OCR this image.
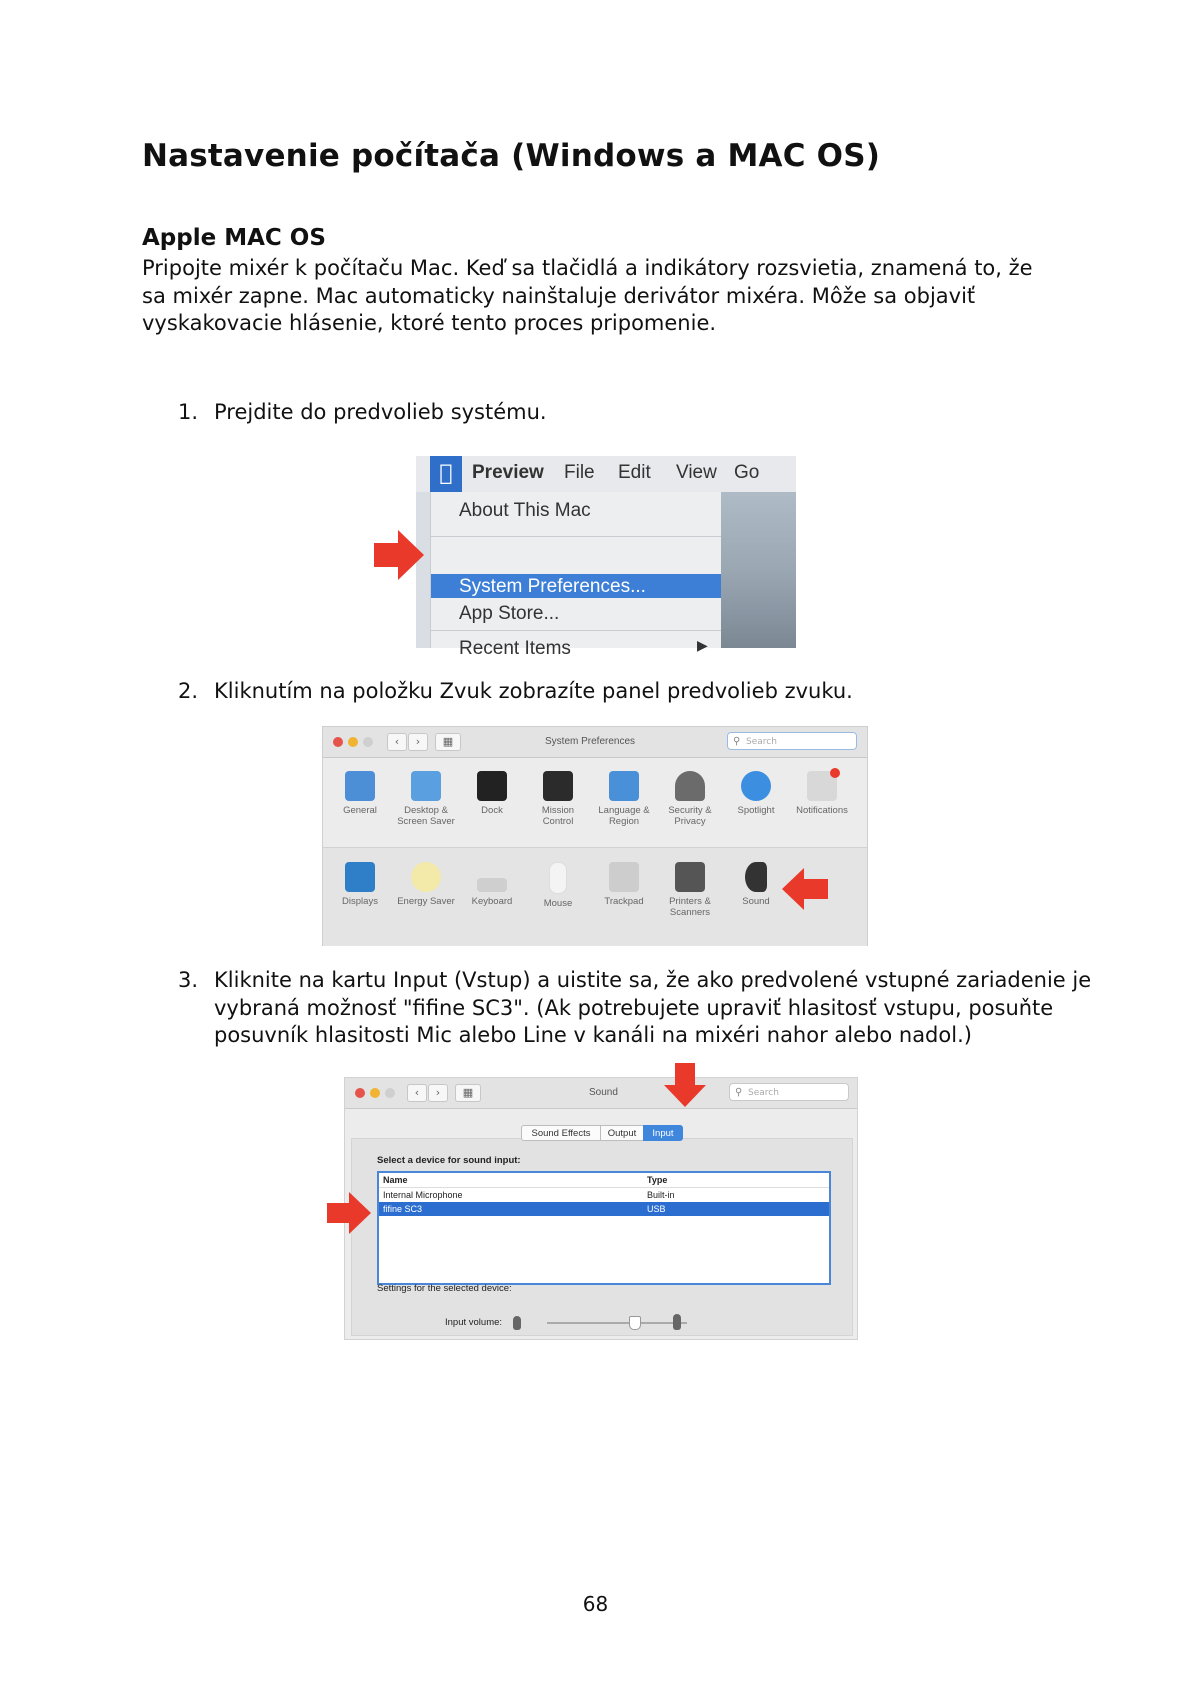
Nastavenie počítača (Windows a MAC OS)
Apple MAC OS

Pripojte mixér k počítaču Mac. Keď sa tlačidlá a indikátory rozsvietia, znamená to, že sa mixér zapne. Mac automaticky nainštaluje derivátor mixéra. Môže sa objaviť vyskakovacie hlásenie, ktoré tento proces pripomenie.

1. Prejdite do predvolieb systému.
Preview File Edit View Go
About This Mac
System Preferences...
App Store...
Recent Items	▶
2. Kliknutím na položku Zvuk zobrazíte panel predvolieb zvuku.
‹	›	▦	System Preferences	⚲ Search
General	Desktop & Screen Saver
Dock	Mission Control
Language & Region
Security & Privacy
Spotlight	Notifications
Displays	Energy Saver	Keyboard	Mouse	Trackpad	Printers & Scanners
Sound
3. Kliknite na kartu Input (Vstup) a uistite sa, že ako predvolené vstupné zariadenie je vybraná možnosť "fifine SC3". (Ak potrebujete upraviť hlasitosť vstupu, posuňte posuvník hlasitosti Mic alebo Line v kanáli na mixéri nahor alebo nadol.)
‹	›	▦	Sound	⚲ Search
Sound Effects	Output	Input
Select a device for sound input:
Name	Type
Internal Microphone	Built-in
fifine SC3	USB
Settings for the selected device:
Input volume:
68
